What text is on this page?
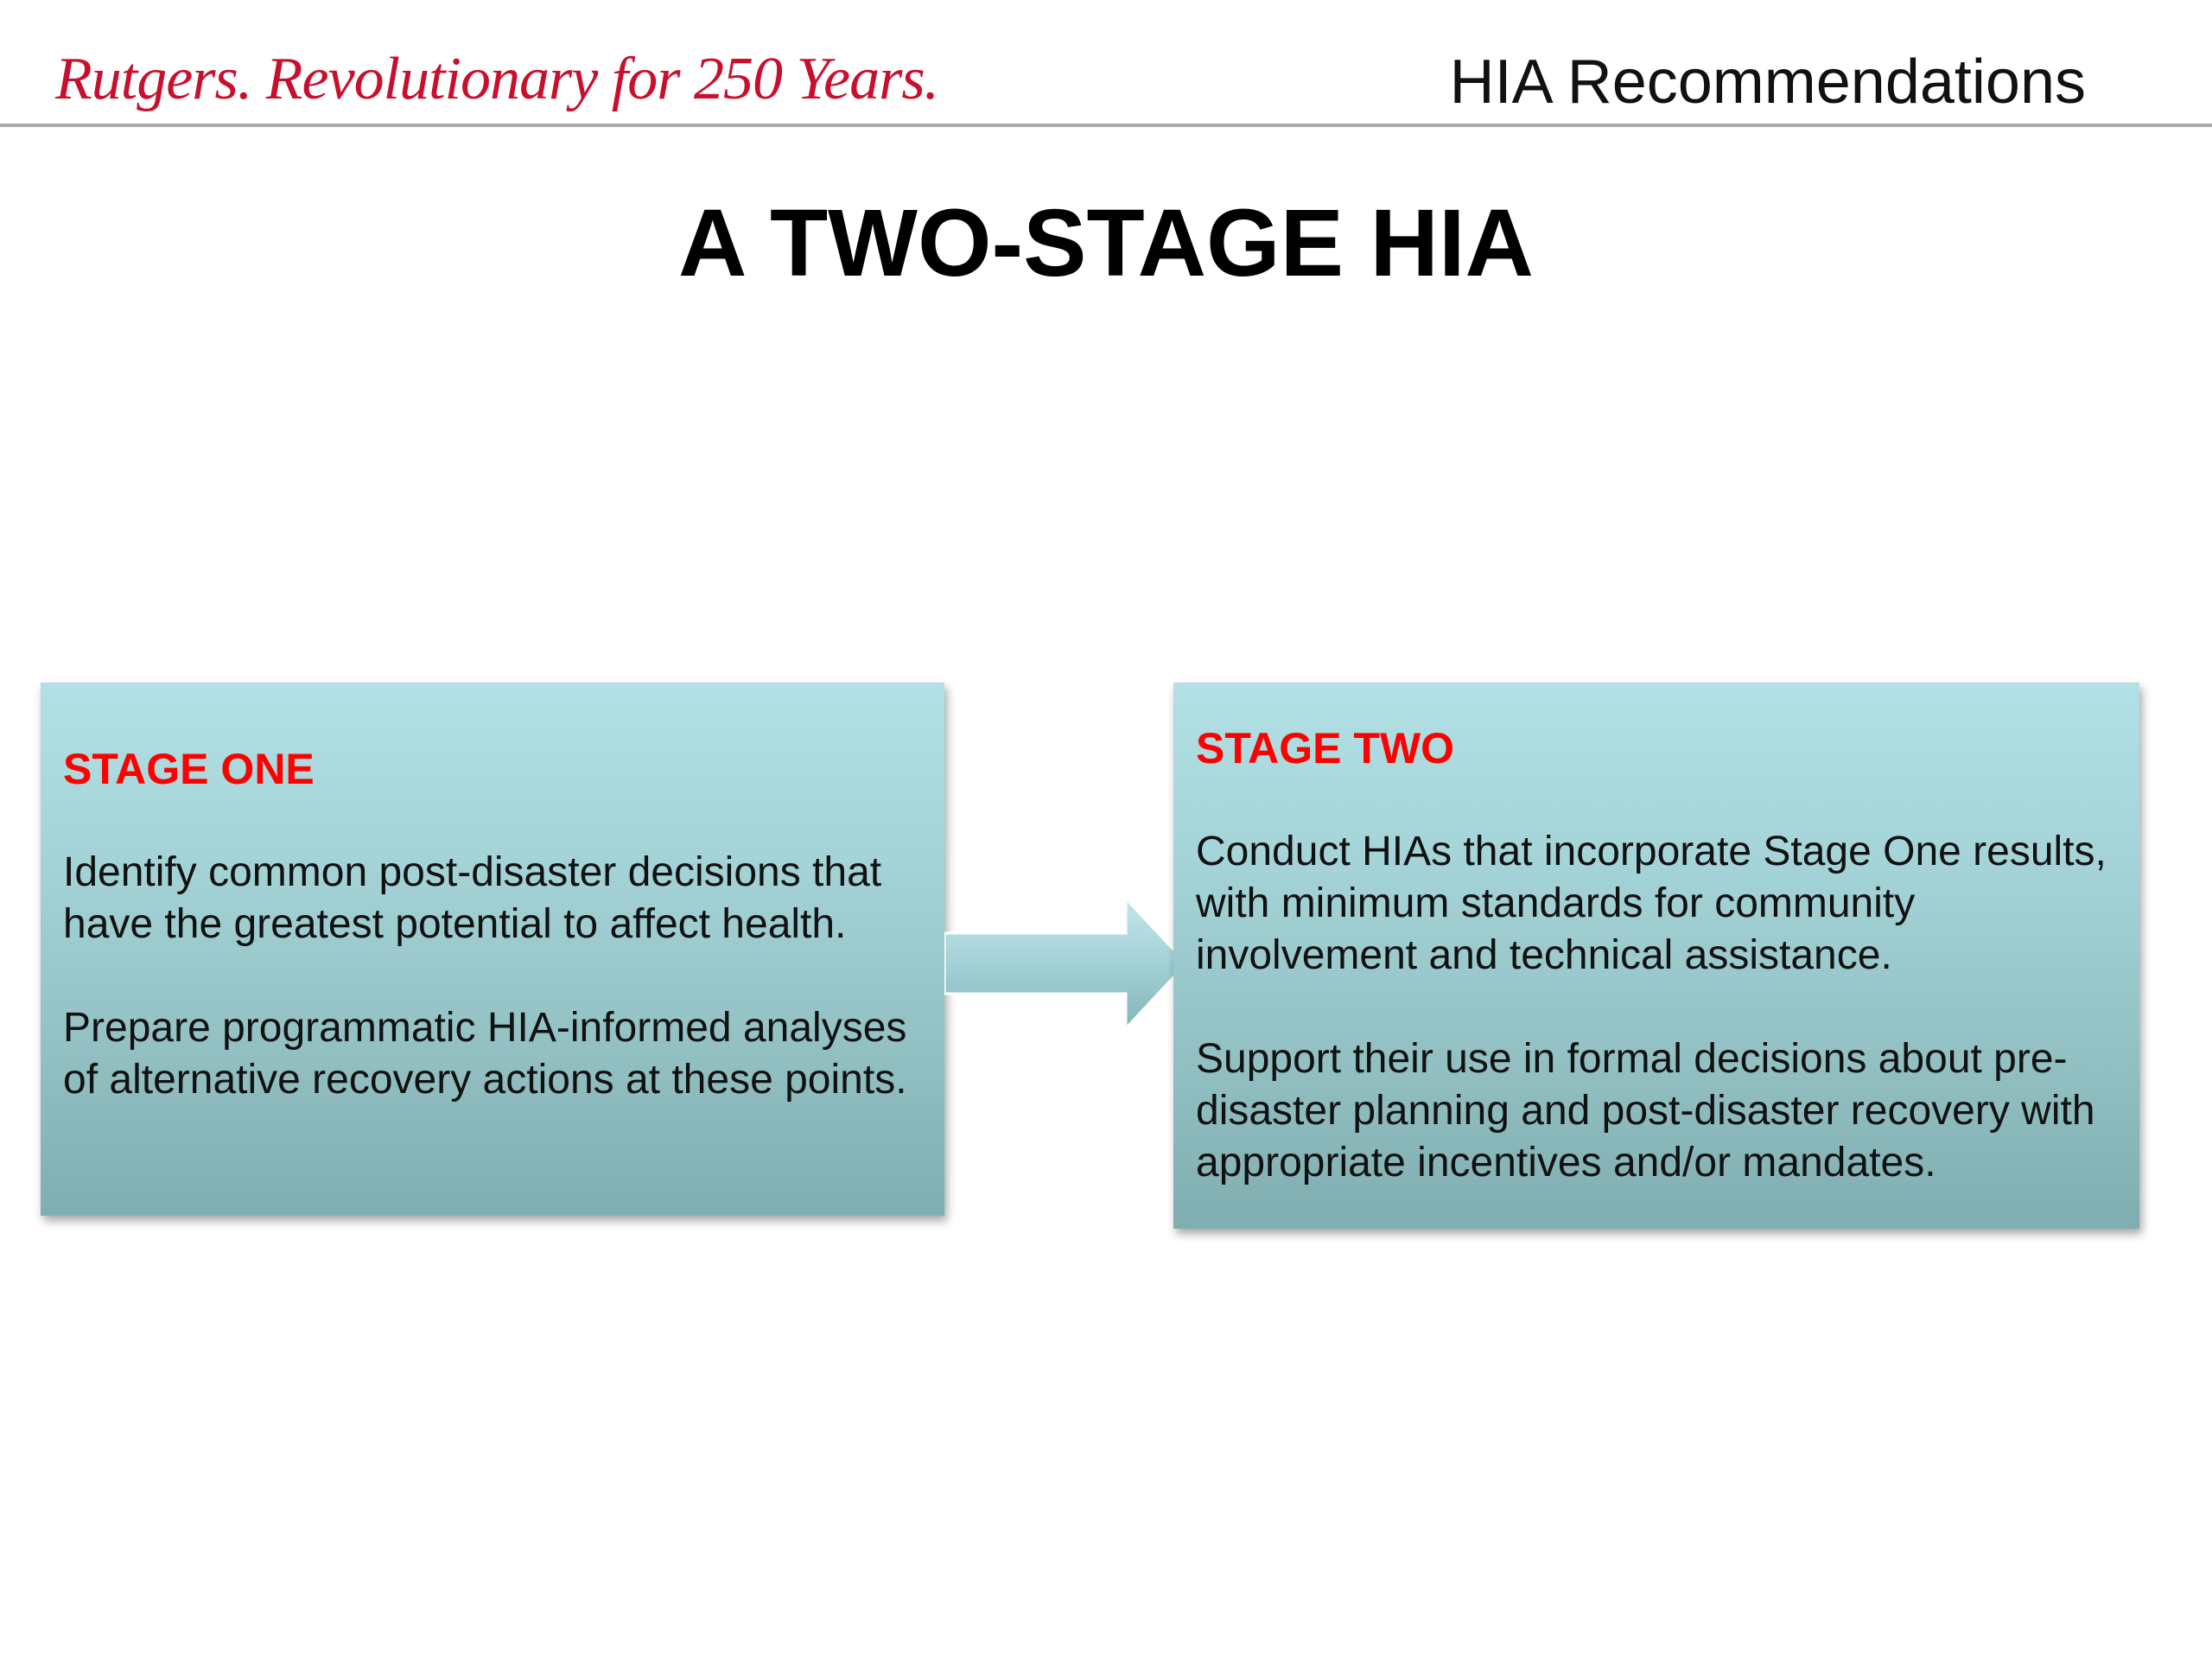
Rutgers. Revolutionary for 250 Years.	HIA Recommendations
A TWO-STAGE HIA
STAGE ONE
Identify common post-disaster decisions that have the greatest potential to affect health.
Prepare programmatic HIA-informed analyses of alternative recovery actions at these points.
STAGE TWO
Conduct HIAs that incorporate Stage One results, with minimum standards for community involvement and technical assistance.
Support their use in formal decisions about pre-disaster planning and post-disaster recovery with appropriate incentives and/or mandates.
